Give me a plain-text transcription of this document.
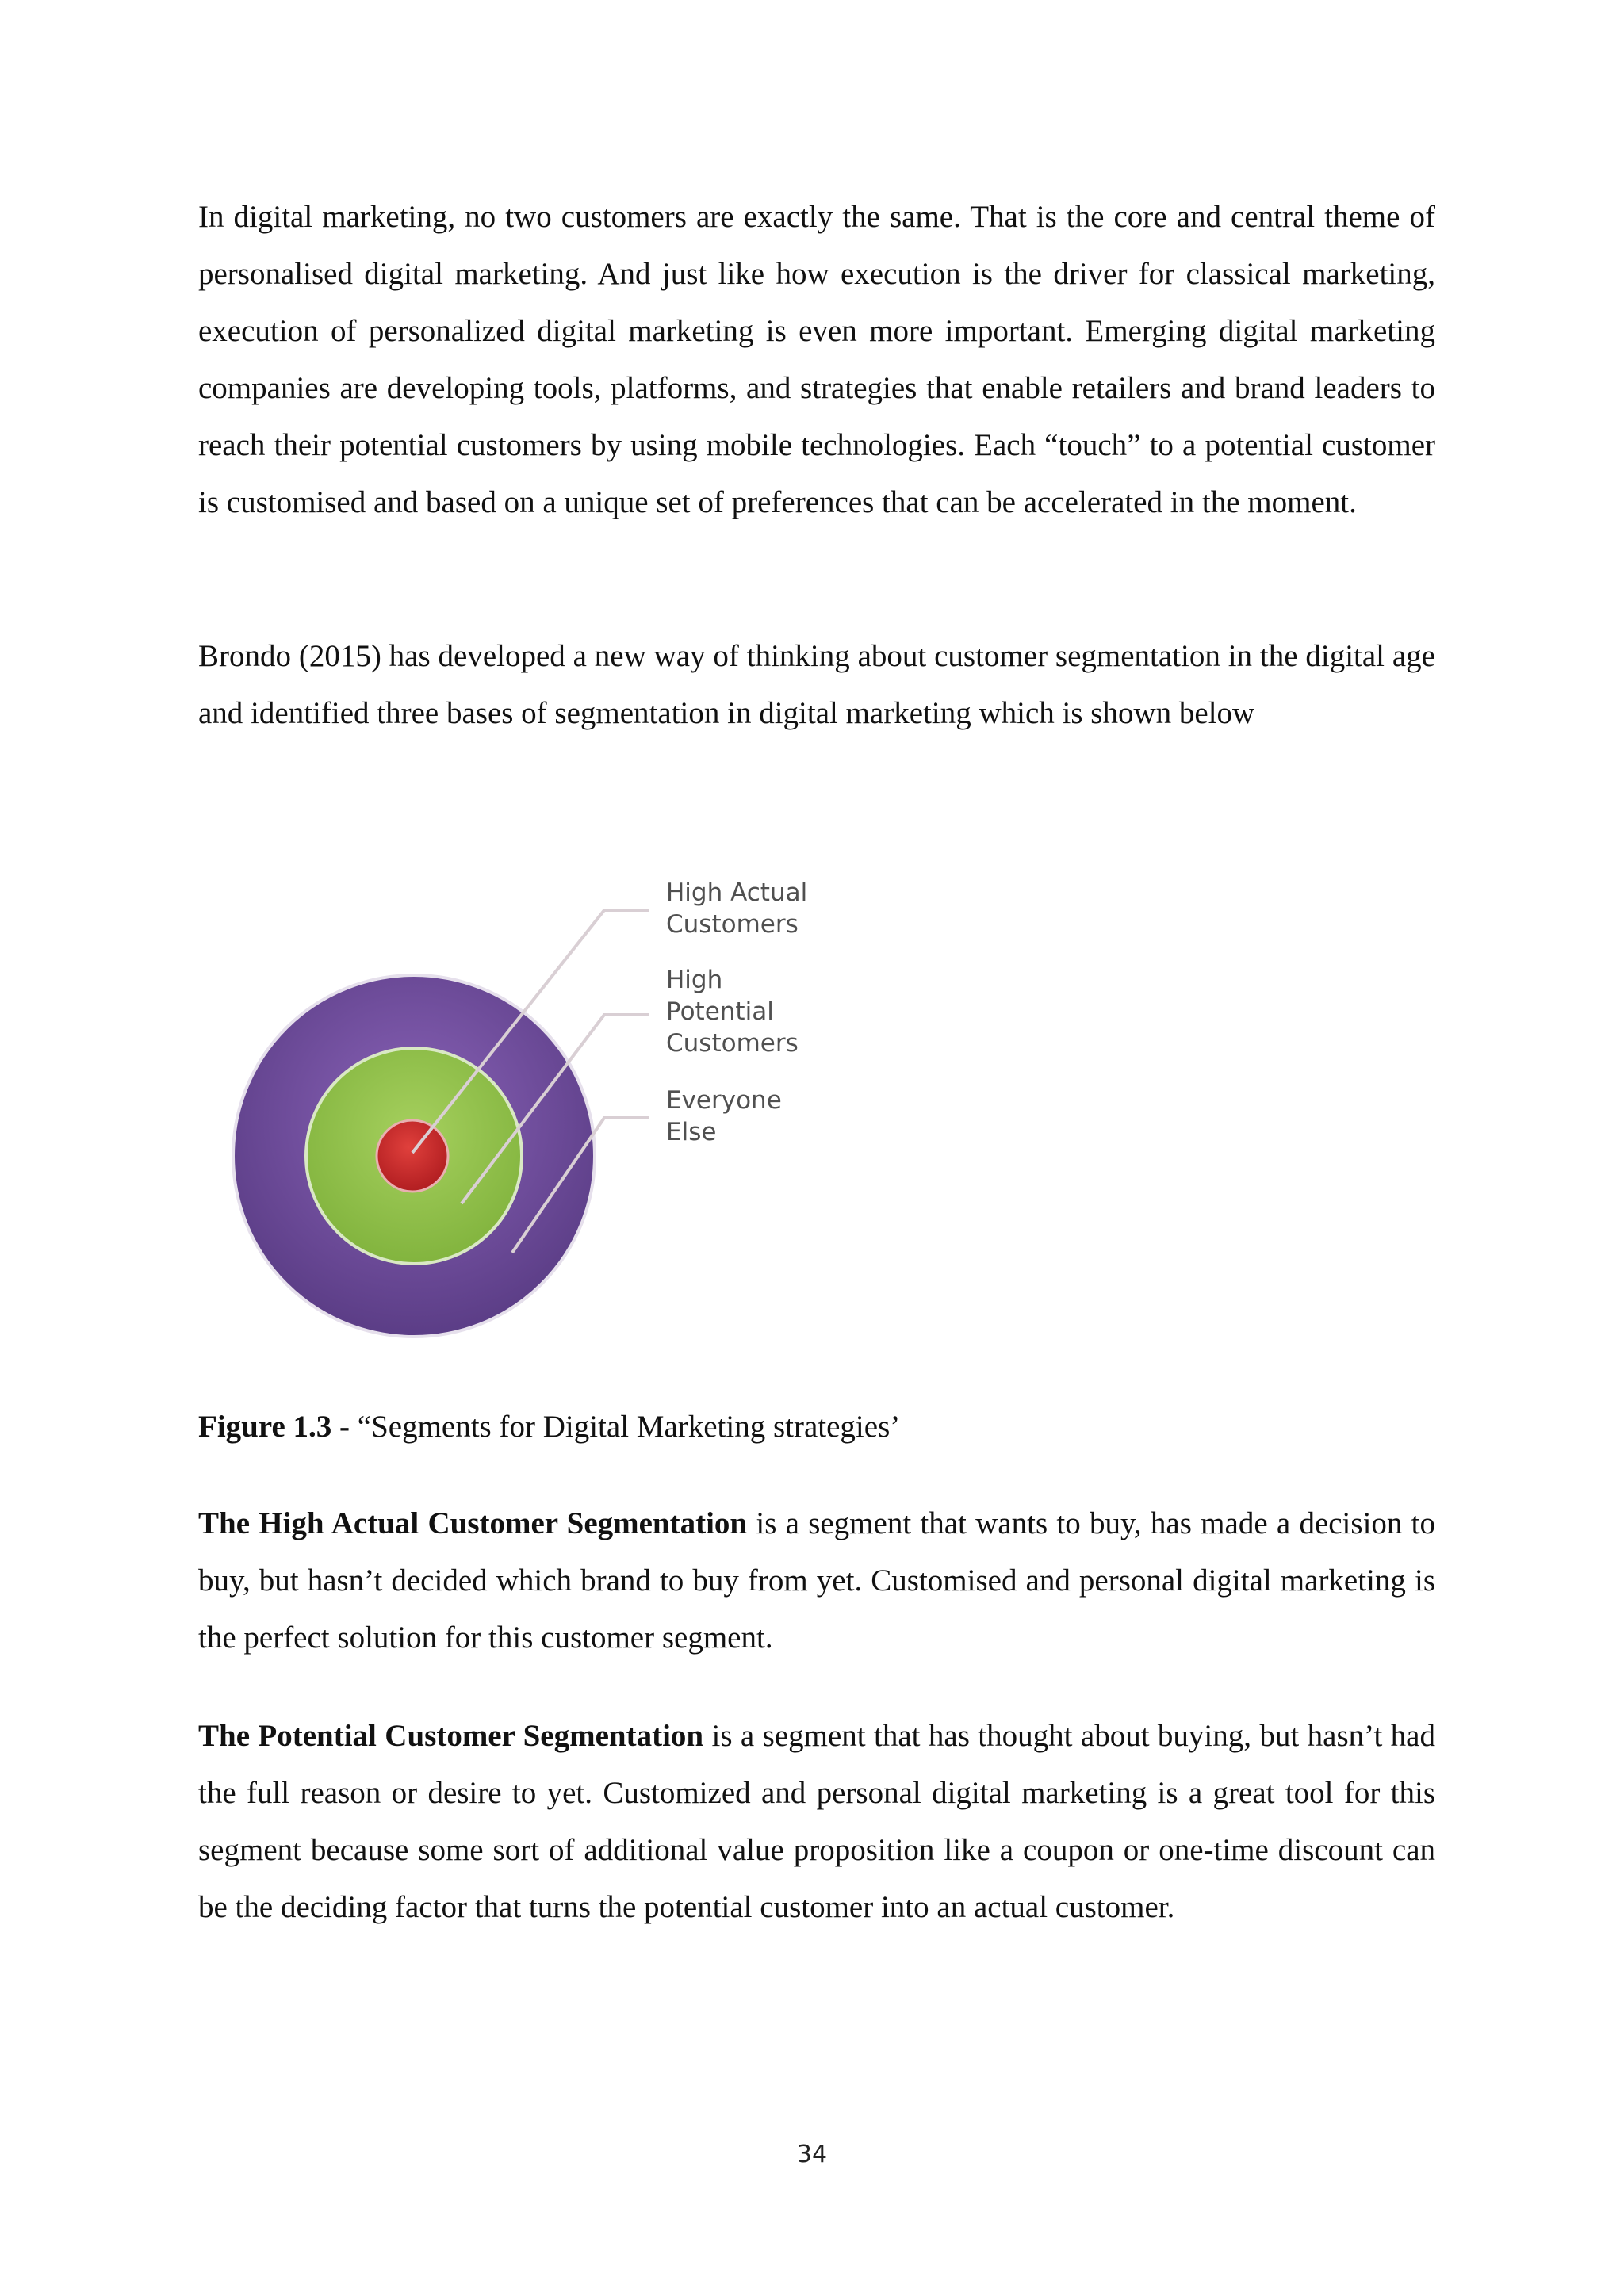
In digital marketing, no two customers are exactly the same. That is the core and central theme of personalised digital marketing. And just like how execution is the driver for classical marketing, execution of personalized digital marketing is even more important. Emerging digital marketing companies are developing tools, platforms, and strategies that enable retailers and brand leaders to reach their potential customers by using mobile technologies. Each “touch” to a potential customer is customised and based on a unique set of preferences that can be accelerated in the moment.

Brondo (2015) has developed a new way of thinking about customer segmentation in the digital age and identified three bases of segmentation in digital marketing which is shown below

High Actual
Customers
High
Potential
Customers
Everyone
Else

Figure 1.3 - “Segments for Digital Marketing strategies’

The High Actual Customer Segmentation is a segment that wants to buy, has made a decision to buy, but hasn’t decided which brand to buy from yet. Customised and personal digital marketing is the perfect solution for this customer segment.

The Potential Customer Segmentation is a segment that has thought about buying, but hasn’t had the full reason or desire to yet. Customized and personal digital marketing is a great tool for this segment because some sort of additional value proposition like a coupon or one-time discount can be the deciding factor that turns the potential customer into an actual customer.

34
